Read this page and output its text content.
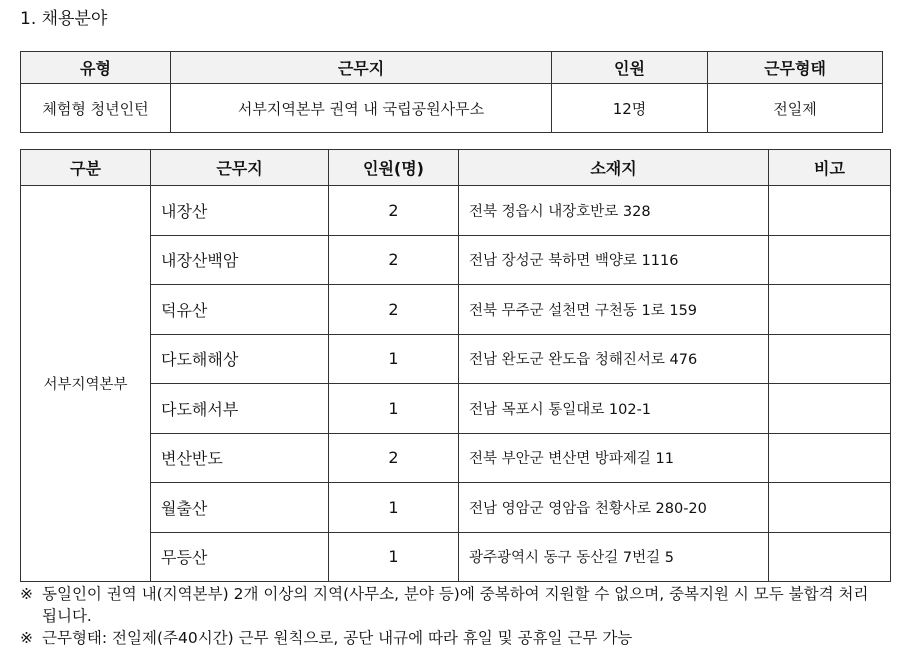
1. 채용분야
유형	근무지	인원	근무형태
체험형 청년인턴	서부지역본부 권역 내 국립공원사무소	12명	전일제
구분	근무지	인원(명)	소재지	비고
서부지역본부	내장산	2	전북 정읍시 내장호반로 328	
	내장산백암	2	전남 장성군 북하면 백양로 1116	
	덕유산	2	전북 무주군 설천면 구천동 1로 159	
	다도해해상	1	전남 완도군 완도읍 청해진서로 476	
	다도해서부	1	전남 목포시 통일대로 102-1	
	변산반도	2	전북 부안군 변산면 방파제길 11	
	월출산	1	전남 영암군 영암읍 천황사로 280-20	
	무등산	1	광주광역시 동구 동산길 7번길 5	
※ 동일인이 권역 내(지역본부) 2개 이상의 지역(사무소, 분야 등)에 중복하여 지원할 수 없으며, 중복지원 시 모두 불합격 처리 됩니다.
※ 근무형태: 전일제(주40시간) 근무 원칙으로, 공단 내규에 따라 휴일 및 공휴일 근무 가능
